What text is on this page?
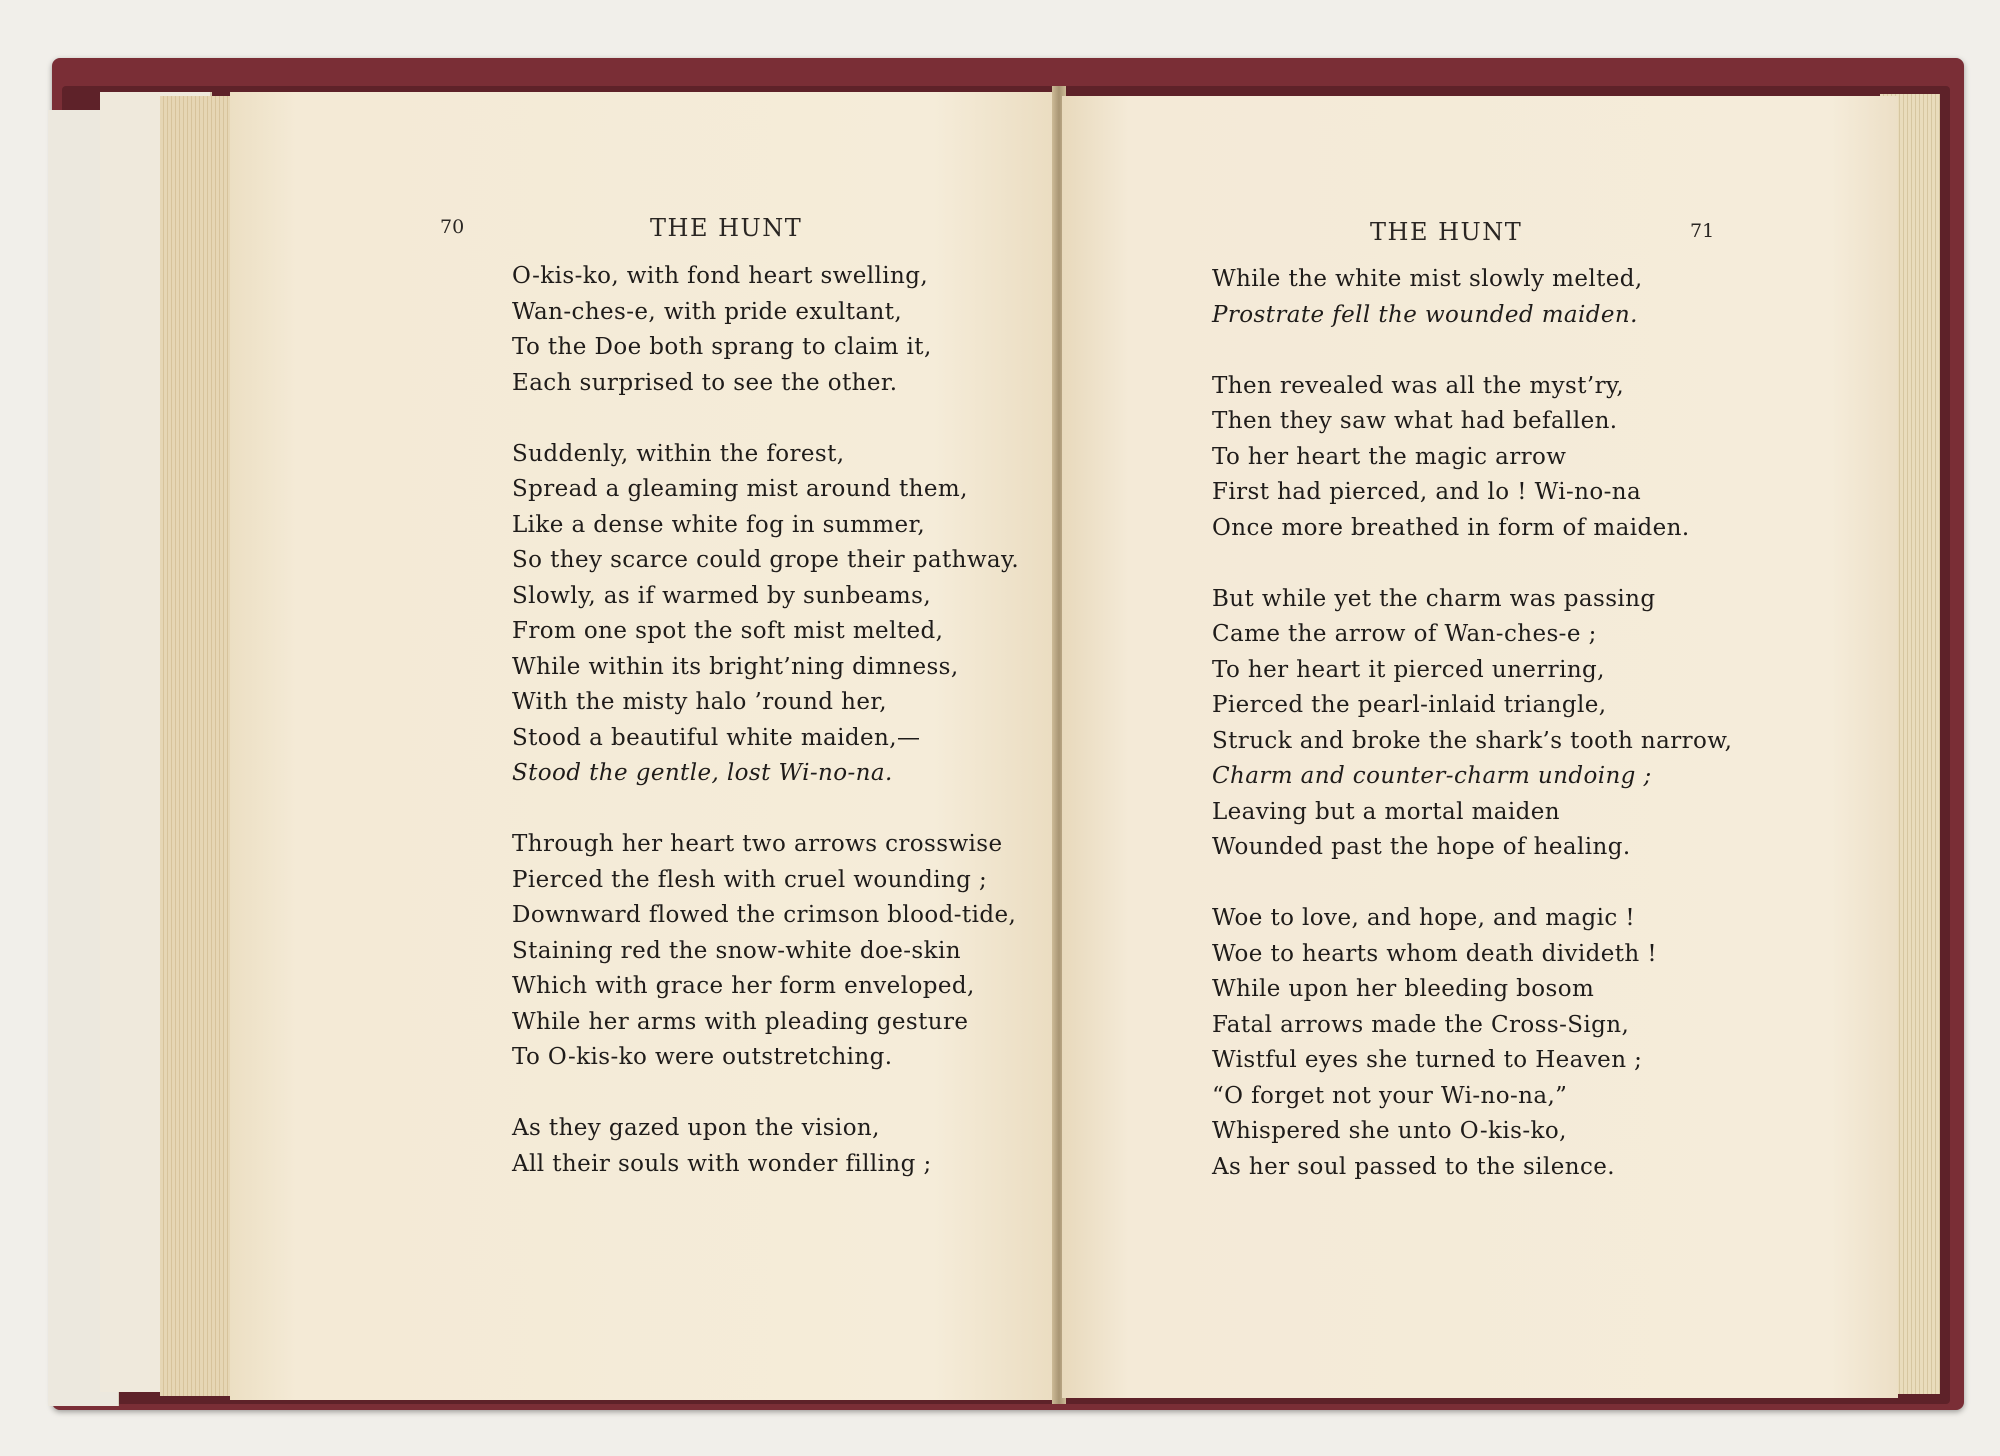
70	THE HUNT
O-kis-ko, with fond heart swelling,
Wan-ches-e, with pride exultant,
To the Doe both sprang to claim it,
Each surprised to see the other.
Suddenly, within the forest,
Spread a gleaming mist around them,
Like a dense white fog in summer,
So they scarce could grope their pathway.
Slowly, as if warmed by sunbeams,
From one spot the soft mist melted,
While within its bright’ning dimness,
With the misty halo ’round her,
Stood a beautiful white maiden,—
Stood the gentle, lost Wi-no-na.
Through her heart two arrows crosswise
Pierced the flesh with cruel wounding ;
Downward flowed the crimson blood-tide,
Staining red the snow-white doe-skin
Which with grace her form enveloped,
While her arms with pleading gesture
To O-kis-ko were outstretching.
As they gazed upon the vision,
All their souls with wonder filling ;
THE HUNT	71
While the white mist slowly melted,
Prostrate fell the wounded maiden.
Then revealed was all the myst’ry,
Then they saw what had befallen.
To her heart the magic arrow
First had pierced, and lo ! Wi-no-na
Once more breathed in form of maiden.
But while yet the charm was passing
Came the arrow of Wan-ches-e ;
To her heart it pierced unerring,
Pierced the pearl-inlaid triangle,
Struck and broke the shark’s tooth narrow,
Charm and counter-charm undoing ;
Leaving but a mortal maiden
Wounded past the hope of healing.
Woe to love, and hope, and magic !
Woe to hearts whom death divideth !
While upon her bleeding bosom
Fatal arrows made the Cross-Sign,
Wistful eyes she turned to Heaven ;
“O forget not your Wi-no-na,”
Whispered she unto O-kis-ko,
As her soul passed to the silence.
